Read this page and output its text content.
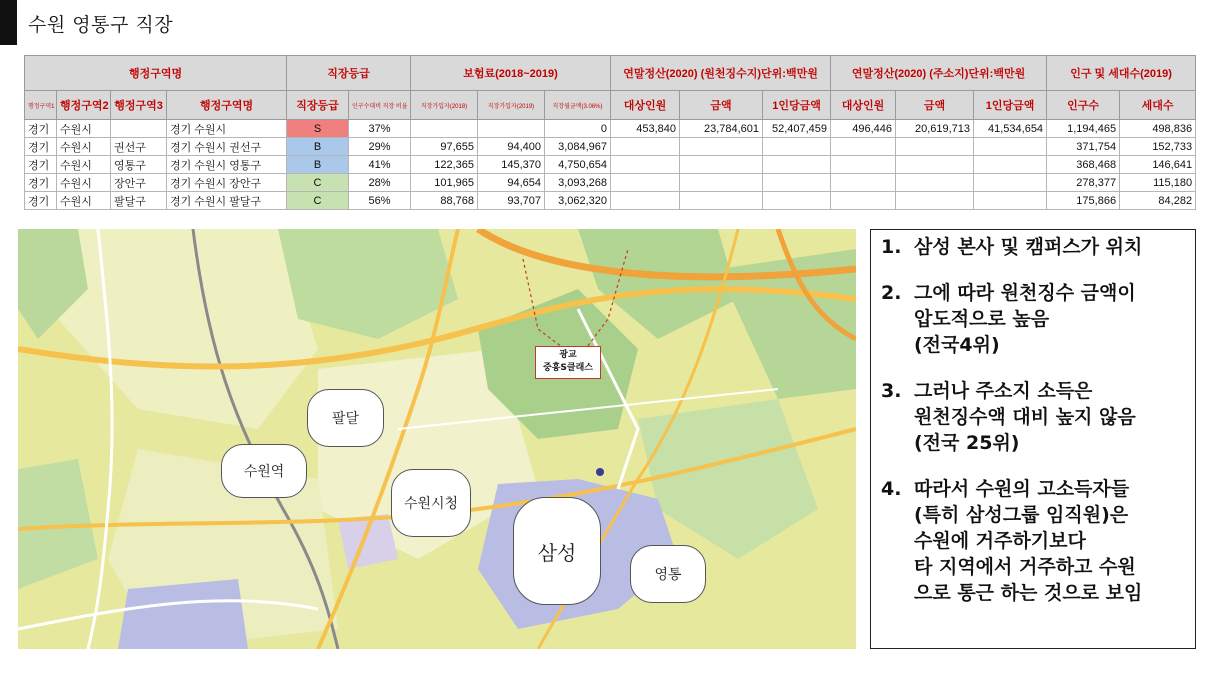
수원 영통구 직장
행정구역명				직장등급		보험료(2018~2019)			연말정산(2020) (원천징수지)단위:백만원			연말정산(2020) (주소지)단위:백만원			인구 및 세대수(2019)	
행정구역1	행정구역2	행정구역3	행정구역명	직장등급	인구수대비 직장 비율	직장가입자(2018)	직장가입자(2019)	직장월금액(3.06%)	대상인원	금액	1인당금액	대상인원	금액	1인당금액	인구수	세대수
경기	수원시		경기 수원시	S	37%			0	453,840	23,784,601	52,407,459	496,446	20,619,713	41,534,654	1,194,465	498,836
경기	수원시	권선구	경기 수원시 권선구	B	29%	97,655	94,400	3,084,967							371,754	152,733
경기	수원시	영통구	경기 수원시 영통구	B	41%	122,365	145,370	4,750,654							368,468	146,641
경기	수원시	장안구	경기 수원시 장안구	C	28%	101,965	94,654	3,093,268							278,377	115,180
경기	수원시	팔달구	경기 수원시 팔달구	C	56%	88,768	93,707	3,062,320							175,866	84,282
광교
중흥S클래스
팔달
수원역
수원시청
삼성
영통
1. 삼성 본사 및 캠퍼스가 위치
2. 그에 따라 원천징수 금액이
압도적으로 높음
(전국4위)
3. 그러나 주소지 소득은
원천징수액 대비 높지 않음
(전국 25위)
4. 따라서 수원의 고소득자들
(특히 삼성그룹 임직원)은
수원에 거주하기보다
타 지역에서 거주하고 수원
으로 통근 하는 것으로 보임
